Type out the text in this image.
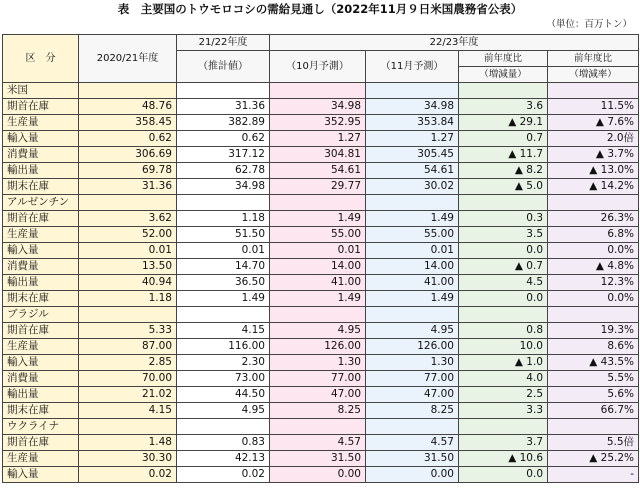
表　主要国のトウモロコシの需給見通し（2022年11月９日米国農務省公表）
（単位：百万トン）
区　分	2020/21年度	21/22年度	22/23年度			
		（推計値）	（10月予測）	（11月予測）	前年度比	前年度比
					（増減量）	（増減率）
米国						
期首在庫	48.76	31.36	34.98	34.98	3.6	11.5%
生産量	358.45	382.89	352.95	353.84	▲ 29.1	▲ 7.6%
輸入量	0.62	0.62	1.27	1.27	0.7	2.0倍
消費量	306.69	317.12	304.81	305.45	▲ 11.7	▲ 3.7%
輸出量	69.78	62.78	54.61	54.61	▲ 8.2	▲ 13.0%
期末在庫	31.36	34.98	29.77	30.02	▲ 5.0	▲ 14.2%
アルゼンチン						
期首在庫	3.62	1.18	1.49	1.49	0.3	26.3%
生産量	52.00	51.50	55.00	55.00	3.5	6.8%
輸入量	0.01	0.01	0.01	0.01	0.0	0.0%
消費量	13.50	14.70	14.00	14.00	▲ 0.7	▲ 4.8%
輸出量	40.94	36.50	41.00	41.00	4.5	12.3%
期末在庫	1.18	1.49	1.49	1.49	0.0	0.0%
ブラジル						
期首在庫	5.33	4.15	4.95	4.95	0.8	19.3%
生産量	87.00	116.00	126.00	126.00	10.0	8.6%
輸入量	2.85	2.30	1.30	1.30	▲ 1.0	▲ 43.5%
消費量	70.00	73.00	77.00	77.00	4.0	5.5%
輸出量	21.02	44.50	47.00	47.00	2.5	5.6%
期末在庫	4.15	4.95	8.25	8.25	3.3	66.7%
ウクライナ						
期首在庫	1.48	0.83	4.57	4.57	3.7	5.5倍
生産量	30.30	42.13	31.50	31.50	▲ 10.6	▲ 25.2%
輸入量	0.02	0.02	0.00	0.00	0.0	-
